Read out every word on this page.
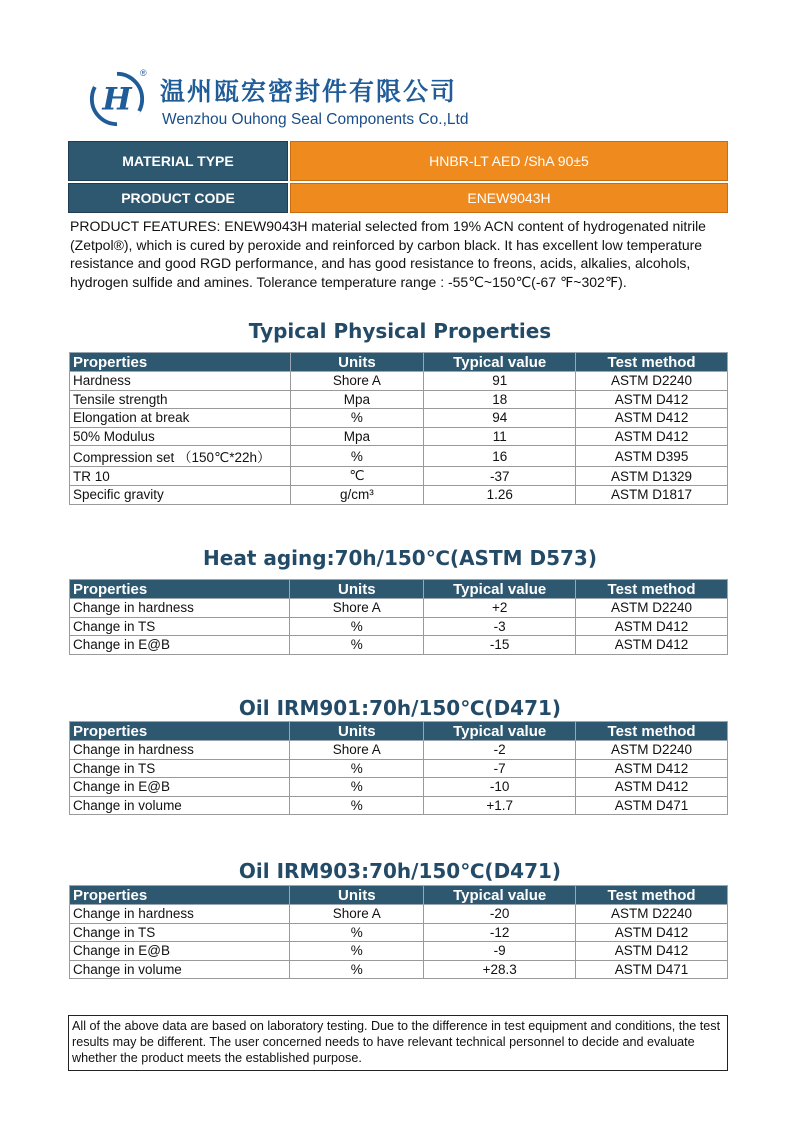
H
®
温州瓯宏密封件有限公司
Wenzhou Ouhong Seal Components Co.,Ltd
MATERIAL TYPE	HNBR-LT AED /ShA 90±5
PRODUCT CODE	ENEW9043H
PRODUCT FEATURES: ENEW9043H material selected from 19% ACN content of hydrogenated nitrile (Zetpol®), which is cured by peroxide and reinforced by carbon black. It has excellent low temperature resistance and good RGD performance, and has good resistance to freons, acids, alkalies, alcohols, hydrogen sulfide and amines. Tolerance temperature range : -55℃~150℃(-67 ℉~302℉).
Typical Physical Properties
Properties	Units	Typical value	Test method
Hardness	Shore A	91	ASTM D2240
Tensile strength	Mpa	18	ASTM D412
Elongation at break	%	94	ASTM D412
50% Modulus	Mpa	11	ASTM D412
Compression set （150℃*22h）	%	16	ASTM D395
TR 10	℃	-37	ASTM D1329
Specific gravity	g/cm³	1.26	ASTM D1817
Heat aging:70h/150℃(ASTM D573)
Properties	Units	Typical value	Test method
Change in hardness	Shore A	+2	ASTM D2240
Change in TS	%	-3	ASTM D412
Change in E@B	%	-15	ASTM D412
Oil IRM901:70h/150℃(D471)
Properties	Units	Typical value	Test method
Change in hardness	Shore A	-2	ASTM D2240
Change in TS	%	-7	ASTM D412
Change in E@B	%	-10	ASTM D412
Change in volume	%	+1.7	ASTM D471
Oil IRM903:70h/150℃(D471)
Properties	Units	Typical value	Test method
Change in hardness	Shore A	-20	ASTM D2240
Change in TS	%	-12	ASTM D412
Change in E@B	%	-9	ASTM D412
Change in volume	%	+28.3	ASTM D471
All of the above data are based on laboratory testing. Due to the difference in test equipment and conditions, the test results may be different. The user concerned needs to have relevant technical personnel to decide and evaluate whether the product meets the established purpose.
